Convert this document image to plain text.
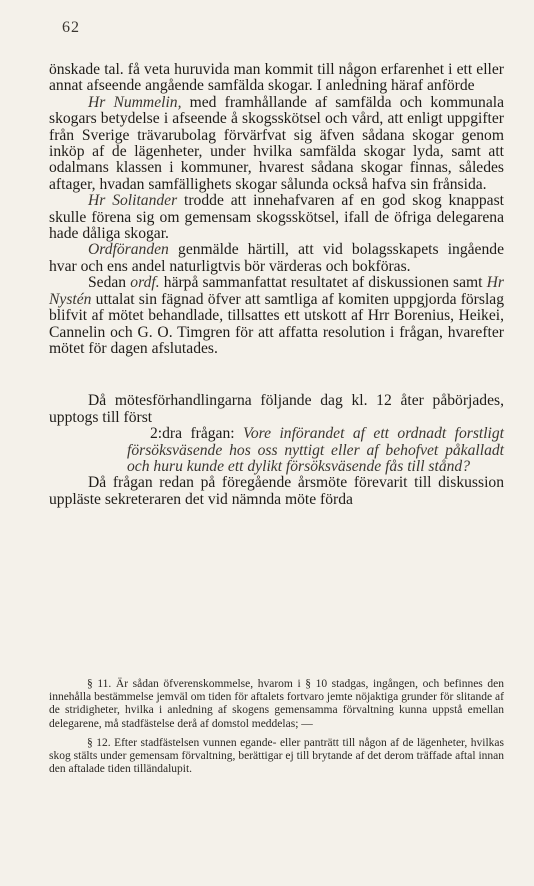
62

önskade tal. få veta huruvida man kommit till någon erfarenhet i ett eller annat afseende angående samfälda skogar. I anledning häraf anförde

Hr Nummelin, med framhållande af samfälda och kommunala skogars betydelse i afseende å skogsskötsel och vård, att enligt uppgifter från Sverige trävarubolag förvärfvat sig äfven sådana skogar genom inköp af de lägenheter, under hvilka samfälda skogar lyda, samt att odalmans klassen i kommuner, hvarest sådana skogar finnas, således aftager, hvadan samfällighets skogar sålunda också hafva sin frånsida.

Hr Solitander trodde att innehafvaren af en god skog knappast skulle förena sig om gemensam skogsskötsel, ifall de öfriga delegarena hade dåliga skogar.

Ordföranden genmälde härtill, att vid bolagsskapets ingående hvar och ens andel naturligtvis bör värderas och bokföras.

Sedan ordf. härpå sammanfattat resultatet af diskussionen samt Hr Nystén uttalat sin fägnad öfver att samtliga af komiten uppgjorda förslag blifvit af mötet behandlade, tillsattes ett utskott af Hrr Borenius, Heikei, Cannelin och G. O. Timgren för att affatta resolution i frågan, hvarefter mötet för dagen afslutades.

Då mötesförhandlingarna följande dag kl. 12 åter påbörjades, upptogs till först

2:dra frågan: Vore införandet af ett ordnadt forstligt försöksväsende hos oss nyttigt eller af behofvet påkalladt och huru kunde ett dylikt försöksväsende fås till stånd?

Då frågan redan på föregående årsmöte förevarit till diskussion uppläste sekreteraren det vid nämnda möte förda

§ 11. Är sådan öfverenskommelse, hvarom i § 10 stadgas, ingången, och befinnes den innehålla bestämmelse jemväl om tiden för aftalets fortvaro jemte nöjaktiga grunder för slitande af de stridigheter, hvilka i anledning af skogens gemensamma förvaltning kunna uppstå emellan delegarene, må stadfästelse derå af domstol meddelas; —

§ 12. Efter stadfästelsen vunnen egande- eller panträtt till någon af de lägenheter, hvilkas skog stälts under gemensam förvaltning, berättigar ej till brytande af det derom träffade aftal innan den aftalade tiden tilländalupit.
